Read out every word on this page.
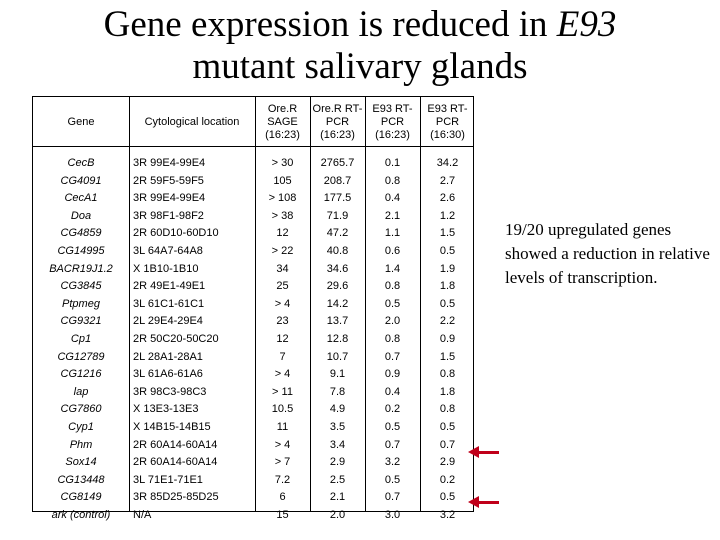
Gene expression is reduced in E93
mutant salivary glands
Gene	Cytological location
Ore.R SAGE (16:23)
Ore.R RT-PCR (16:23)
E93 RT-PCR (16:23)
E93 RT-PCR (16:30)
CecB
CG4091
CecA1
Doa
CG4859
CG14995
BACR19J1.2
CG3845
Ptpmeg
CG9321
Cp1
CG12789
CG1216
lap
CG7860
Cyp1
Phm
Sox14
CG13448
CG8149
ark (control)
3R 99E4-99E4
2R 59F5-59F5
3R 99E4-99E4
3R 98F1-98F2
2R 60D10-60D10
3L 64A7-64A8
X 1B10-1B10
2R 49E1-49E1
3L 61C1-61C1
2L 29E4-29E4
2R 50C20-50C20
2L 28A1-28A1
3L 61A6-61A6
3R 98C3-98C3
X 13E3-13E3
X 14B15-14B15
2R 60A14-60A14
2R 60A14-60A14
3L 71E1-71E1
3R 85D25-85D25
N/A
> 30
105
> 108
> 38
12
> 22
34
25
> 4
23
12
7
> 4
> 11
10.5
11
> 4
> 7
7.2
6
15
2765.7
208.7
177.5
71.9
47.2
40.8
34.6
29.6
14.2
13.7
12.8
10.7
9.1
7.8
4.9
3.5
3.4
2.9
2.5
2.1
2.0
0.1
0.8
0.4
2.1
1.1
0.6
1.4
0.8
0.5
2.0
0.8
0.7
0.9
0.4
0.2
0.5
0.7
3.2
0.5
0.7
3.0
34.2
2.7
2.6
1.2
1.5
0.5
1.9
1.8
0.5
2.2
0.9
1.5
0.8
1.8
0.8
0.5
0.7
2.9
0.2
0.5
3.2
19/20 upregulated genes showed a reduction in relative levels of transcription.
